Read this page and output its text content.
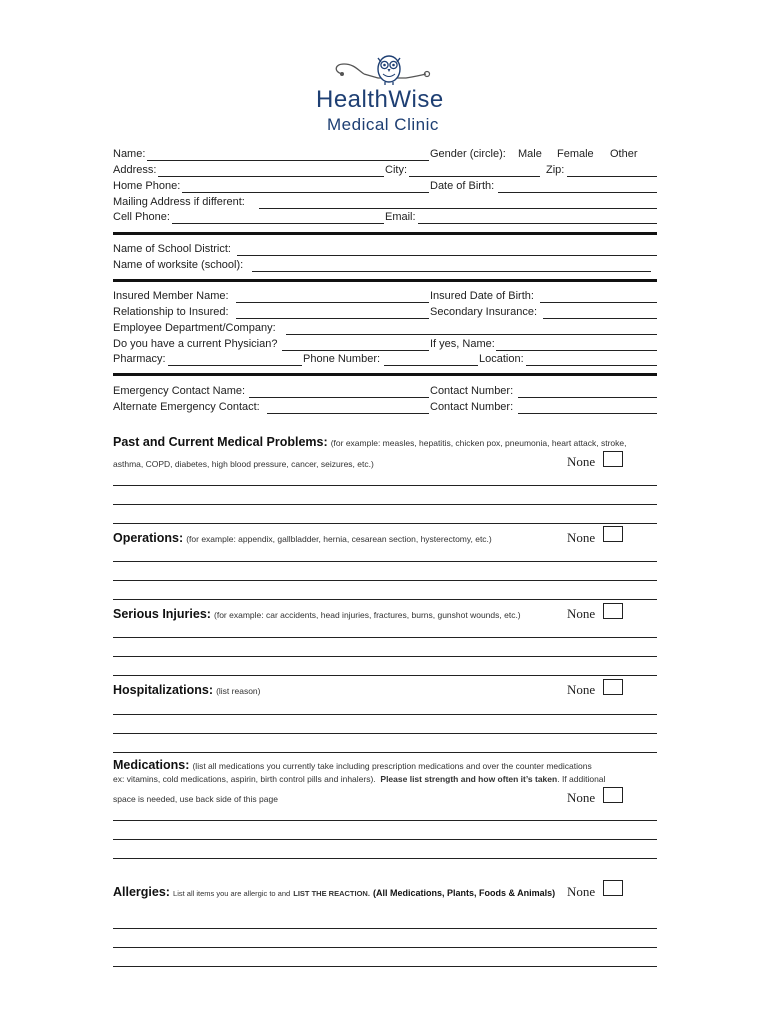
HealthWise
Medical Clinic
Name:	Gender (circle): Male Female Other
Address:	City:	Zip:
Home Phone:	Date of Birth:
Mailing Address if different:
Cell Phone:	Email:
Name of School District:
Name of worksite (school):
Insured Member Name:	Insured Date of Birth:
Relationship to Insured:	Secondary Insurance:
Employee Department/Company:
Do you have a current Physician?	If yes, Name:
Pharmacy:	Phone Number:	Location:
Emergency Contact Name:	Contact Number:
Alternate Emergency Contact:	Contact Number:
Past and Current Medical Problems: (for example: measles, hepatitis, chicken pox, pneumonia, heart attack, stroke,
asthma, COPD, diabetes, high blood pressure, cancer, seizures, etc.)	None
Operations: (for example: appendix, gallbladder, hernia, cesarean section, hysterectomy, etc.)	None
Serious Injuries: (for example: car accidents, head injuries, fractures, burns, gunshot wounds, etc.)	None
Hospitalizations: (list reason)	None
Medications: (list all medications you currently take including prescription medications and over the counter medications
ex: vitamins, cold medications, aspirin, birth control pills and inhalers). Please list strength and how often it’s taken. If additional
space is needed, use back side of this page	None
Allergies: List all items you are allergic to and LIST THE REACTION. (All Medications, Plants, Foods & Animals) None
